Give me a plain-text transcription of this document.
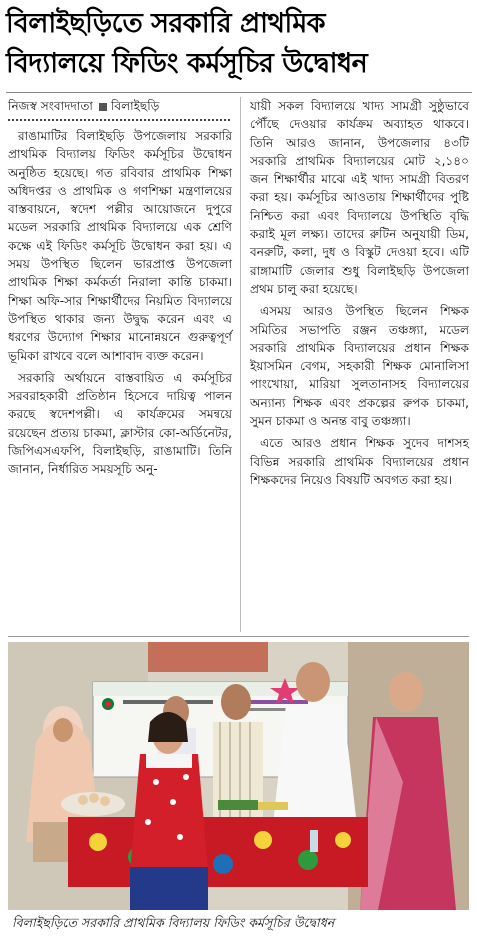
বিলাইছড়িতে সরকারি প্রাথমিক
বিদ্যালয়ে ফিডিং কর্মসূচির উদ্বোধন
নিজস্ব সংবাদদাতা বিলাইছড়ি

রাঙামাটির বিলাইছড়ি উপজেলায় সরকারি প্রাথমিক বিদ্যালয় ফিডিং কর্মসূচির উদ্বোধন অনুষ্ঠিত হয়েছে। গত রবিবার প্রাথমিক শিক্ষা অধিদপ্তর ও প্রাথমিক ও গণশিক্ষা মন্ত্রণালয়ের বাস্তবায়নে, স্বদেশ পল্লীর আয়োজনে দুপুরে মডেল সরকারি প্রাথমিক বিদ্যালয়ে এক শ্রেণি কক্ষে এই ফিডিং কর্মসূচি উদ্বোধন করা হয়। এ সময় উপস্থিত ছিলেন ভারপ্রাপ্ত উপজেলা প্রাথমিক শিক্ষা কর্মকর্তা নিরালা কান্তি চাকমা। শিক্ষা অফি-সার শিক্ষার্থীদের নিয়মিত বিদ্যালয়ে উপস্থিত থাকার জন্য উদ্বুদ্ধ করেন এবং এ ধরণের উদ্যোগ শিক্ষার মানোন্নয়নে গুরুত্বপূর্ণ ভূমিকা রাখবে বলে আশাবাদ ব্যক্ত করেন।

সরকারি অর্থায়নে বাস্তবায়িত এ কর্মসূচির সরবরাহকারী প্রতিষ্ঠান হিসেবে দায়িত্ব পালন করছে স্বদেশপল্লী। এ কার্যক্রমের সমন্বয়ে রয়েছেন প্রত্যয় চাকমা, ক্লাস্টার কো-অর্ডিনেটর, জিপিএসএফপি, বিলাইছড়ি, রাঙামাটি। তিনি জানান, নির্ধারিত সময়সূচি অনু-

যায়ী সকল বিদ্যালয়ে খাদ্য সামগ্রী সুষ্ঠুভাবে পৌঁছে দেওয়ার কার্যক্রম অব্যাহত থাকবে। তিনি আরও জানান, উপজেলার ৪৩টি সরকারি প্রাথমিক বিদ্যালয়ের মোট ২,১৪০ জন শিক্ষার্থীর মাঝে এই খাদ্য সামগ্রী বিতরণ করা হয়। কর্মসূচির আওতায় শিক্ষার্থীদের পুষ্টি নিশ্চিত করা এবং বিদ্যালয়ে উপস্থিতি বৃদ্ধি করাই মূল লক্ষ্য। তাদের রুটিন অনুযায়ী ডিম, বনরুটি, কলা, দুধ ও বিস্কুট দেওয়া হবে। এটি রাঙ্গামাটি জেলার শুধু বিলাইছড়ি উপজেলা প্রথম চালু করা হয়েছে।

এসময় আরও উপস্থিত ছিলেন শিক্ষক সমিতির সভাপতি রঞ্জন তঞ্চঙ্গ্যা, মডেল সরকারি প্রাথমিক বিদ্যালয়ের প্রধান শিক্ষক ইয়াসমিন বেগম, সহকারী শিক্ষক মোনালিসা পাংখোয়া, মারিয়া সুলতানাসহ বিদ্যালয়ের অন্যান্য শিক্ষক এবং প্রকল্পের রুপক চাকমা, সুমন চাকমা ও অনন্ত বাবু তঞ্চঙ্গ্যা।

এতে আরও প্রধান শিক্ষক সুদেব দাশসহ বিভিন্ন সরকারি প্রাথমিক বিদ্যালয়ের প্রধান শিক্ষকদের নিয়েও বিষয়টি অবগত করা হয়।

বিলাইছড়িতে সরকারি প্রাথমিক বিদ্যালয় ফিডিং কর্মসূচির উদ্বোধন
